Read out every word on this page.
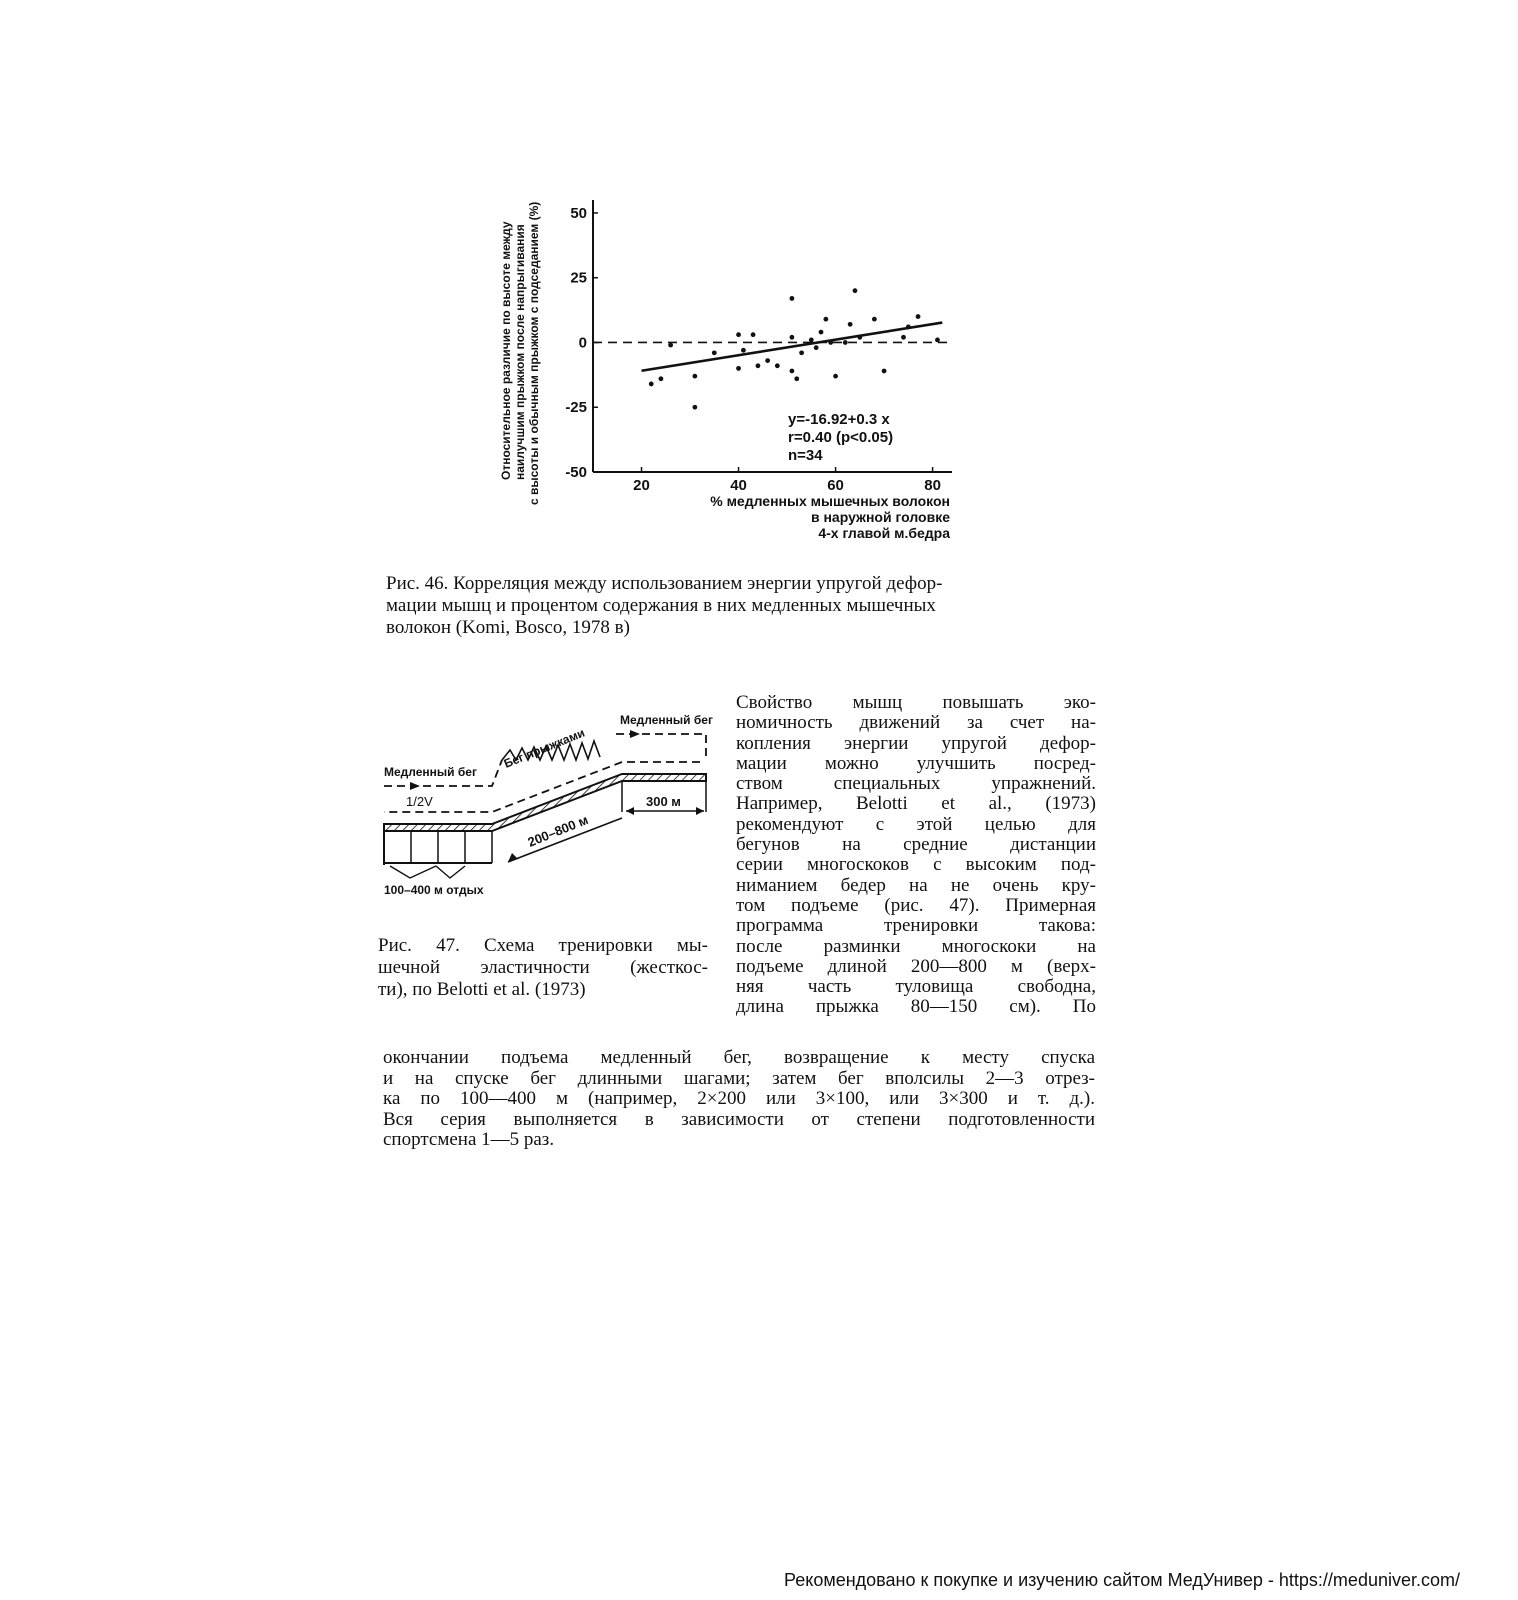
Относительное различие по высоте между наилучшим прыжком после напрыгивания с высоты и обычным прыжком с подседанием (%)	20	40	60	80
50
25
0
-25
-50
y=-16.92+0.3 x
r=0.40 (p<0.05)
n=34
% медленных мышечных волокон
в наружной головке
4-х главой м.бедра
Рис. 46. Корреляция между использованием энергии упругой дефор-
мации мышц и процентом содержания в них медленных мышечных
волокон (Komi, Bosco, 1978 в)
Медленный бег
1/2V
Бег прыжками
Медленный бег
200–800 м
300 м
100–400 м отдых
Рис. 47. Схема тренировки мы-
шечной эластичности (жесткос-
ти), по Belotti et al. (1973)
Свойство мышц повышать эко-
номичность движений за счет на-
копления энергии упругой дефор-
мации можно улучшить посред-
ством специальных упражнений.
Например, Belotti et al., (1973)
рекомендуют с этой целью для
бегунов на средние дистанции
серии многоскоков с высоким под-
ниманием бедер на не очень кру-
том подъеме (рис. 47). Примерная
программа тренировки такова:
после разминки многоскоки на
подъеме длиной 200—800 м (верх-
няя часть туловища свободна,
длина прыжка 80—150 см). По
окончании подъема медленный бег, возвращение к месту спуска
и на спуске бег длинными шагами; затем бег вполсилы 2—3 отрез-
ка по 100—400 м (например, 2×200 или 3×100, или 3×300 и т. д.).
Вся серия выполняется в зависимости от степени подготовленности
спортсмена 1—5 раз.
Рекомендовано к покупке и изучению сайтом МедУнивер - https://meduniver.com/
